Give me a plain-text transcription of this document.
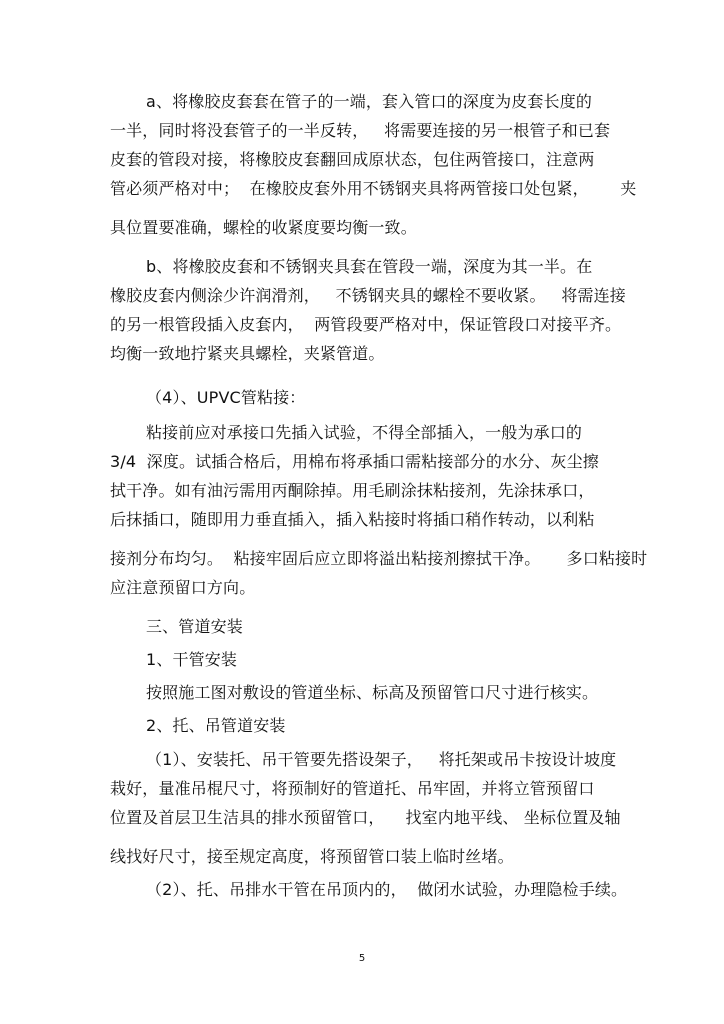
a、将橡胶皮套套在管子的一端，套入管口的深度为皮套长度的
一半，同时将没套管子的一半反转，   将需要连接的另一根管子和已套
皮套的管段对接，将橡胶皮套翻回成原状态，包住两管接口，注意两
管必须严格对中；  在橡胶皮套外用不锈钢夹具将两管接口处包紧，      夹
具位置要准确，螺栓的收紧度要均衡一致。
b、将橡胶皮套和不锈钢夹具套在管段一端，深度为其一半。在
橡胶皮套内侧涂少许润滑剂，   不锈钢夹具的螺栓不要收紧。   将需连接
的另一根管段插入皮套内，  两管段要严格对中，保证管段口对接平齐。
均衡一致地拧紧夹具螺栓，夹紧管道。
（4）、UPVC管粘接：
粘接前应对承接口先插入试验，不得全部插入，一般为承口的
3/4  深度。试插合格后，用棉布将承插口需粘接部分的水分、灰尘擦
拭干净。如有油污需用丙酮除掉。用毛刷涂抹粘接剂，先涂抹承口，
后抹插口，随即用力垂直插入，插入粘接时将插口稍作转动，以利粘
接剂分布均匀。  粘接牢固后应立即将溢出粘接剂擦拭干净。     多口粘接时
应注意预留口方向。
三、管道安装
1、干管安装
按照施工图对敷设的管道坐标、标高及预留管口尺寸进行核实。
2、托、吊管道安装
（1）、安装托、吊干管要先搭设架子，   将托架或吊卡按设计坡度
栽好，量准吊棍尺寸，将预制好的管道托、吊牢固，并将立管预留口
位置及首层卫生洁具的排水预留管口，    找室内地平线、 坐标位置及轴
线找好尺寸，接至规定高度，将预留管口装上临时丝堵。
（2）、托、吊排水干管在吊顶内的，  做闭水试验，办理隐检手续。
5
